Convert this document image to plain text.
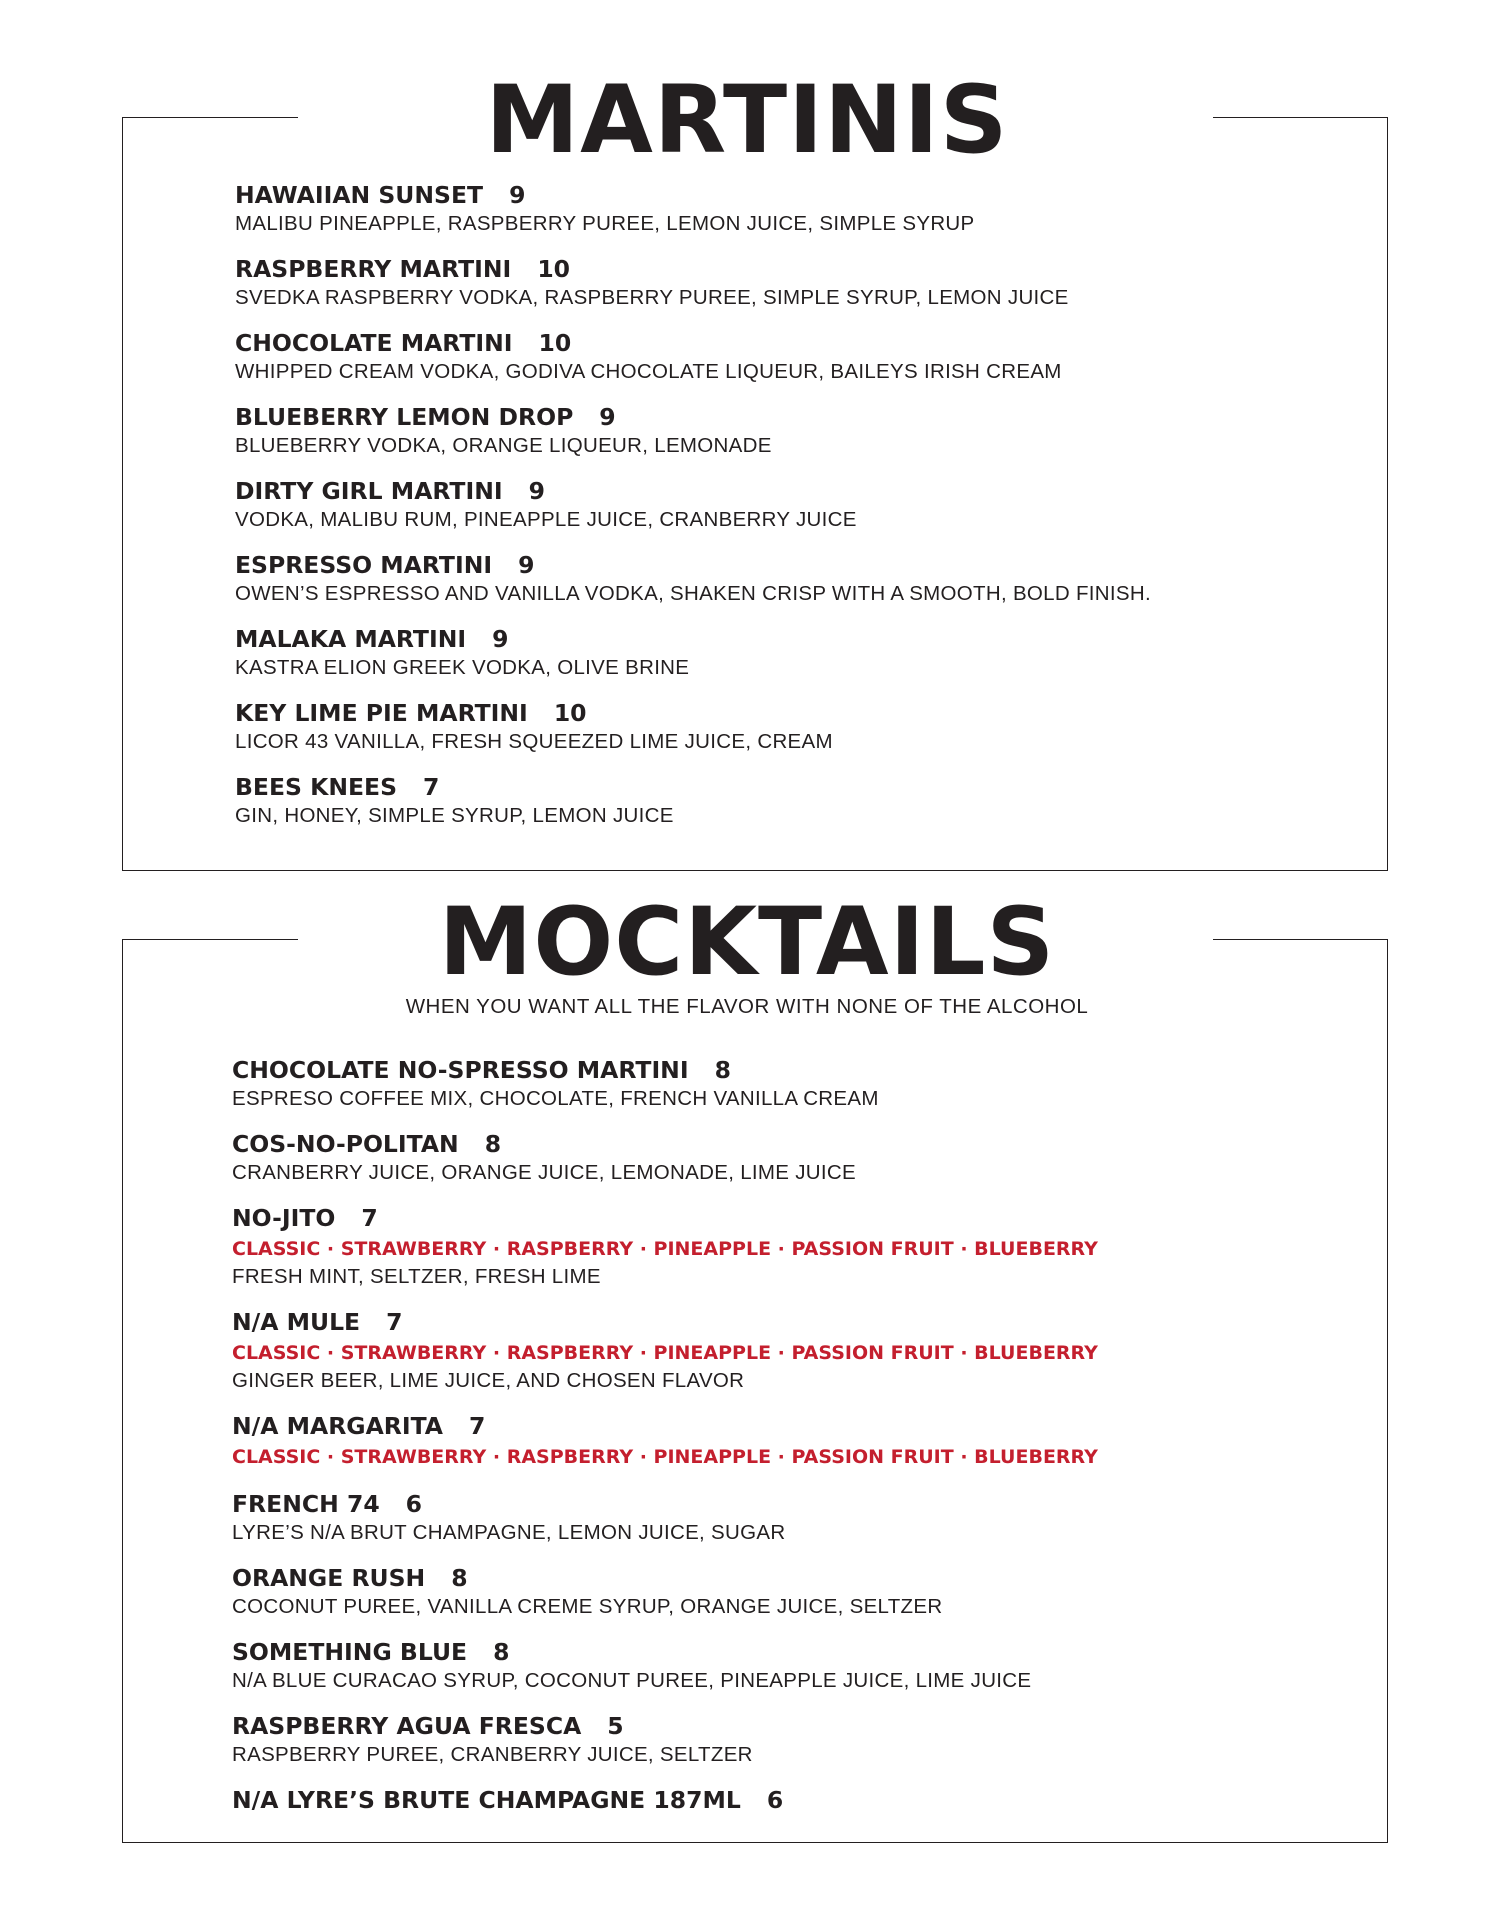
MARTINIS
HAWAIIAN SUNSET 9
MALIBU PINEAPPLE, RASPBERRY PUREE, LEMON JUICE, SIMPLE SYRUP
RASPBERRY MARTINI 10
SVEDKA RASPBERRY VODKA, RASPBERRY PUREE, SIMPLE SYRUP, LEMON JUICE
CHOCOLATE MARTINI 10
WHIPPED CREAM VODKA, GODIVA CHOCOLATE LIQUEUR, BAILEYS IRISH CREAM
BLUEBERRY LEMON DROP 9
BLUEBERRY VODKA, ORANGE LIQUEUR, LEMONADE
DIRTY GIRL MARTINI 9
VODKA, MALIBU RUM, PINEAPPLE JUICE, CRANBERRY JUICE
ESPRESSO MARTINI 9
OWEN’S ESPRESSO AND VANILLA VODKA, SHAKEN CRISP WITH A SMOOTH, BOLD FINISH.
MALAKA MARTINI 9
KASTRA ELION GREEK VODKA, OLIVE BRINE
KEY LIME PIE MARTINI 10
LICOR 43 VANILLA, FRESH SQUEEZED LIME JUICE, CREAM
BEES KNEES 7
GIN, HONEY, SIMPLE SYRUP, LEMON JUICE
MOCKTAILS
WHEN YOU WANT ALL THE FLAVOR WITH NONE OF THE ALCOHOL
CHOCOLATE NO-SPRESSO MARTINI 8
ESPRESO COFFEE MIX, CHOCOLATE, FRENCH VANILLA CREAM
COS-NO-POLITAN 8
CRANBERRY JUICE, ORANGE JUICE, LEMONADE, LIME JUICE
NO-JITO 7
CLASSIC · STRAWBERRY · RASPBERRY · PINEAPPLE · PASSION FRUIT · BLUEBERRY
FRESH MINT, SELTZER, FRESH LIME
N/A MULE 7
CLASSIC · STRAWBERRY · RASPBERRY · PINEAPPLE · PASSION FRUIT · BLUEBERRY
GINGER BEER, LIME JUICE, AND CHOSEN FLAVOR
N/A MARGARITA 7
CLASSIC · STRAWBERRY · RASPBERRY · PINEAPPLE · PASSION FRUIT · BLUEBERRY
FRENCH 74 6
LYRE’S N/A BRUT CHAMPAGNE, LEMON JUICE, SUGAR
ORANGE RUSH 8
COCONUT PUREE, VANILLA CREME SYRUP, ORANGE JUICE, SELTZER
SOMETHING BLUE 8
N/A BLUE CURACAO SYRUP, COCONUT PUREE, PINEAPPLE JUICE, LIME JUICE
RASPBERRY AGUA FRESCA 5
RASPBERRY PUREE, CRANBERRY JUICE, SELTZER
N/A LYRE’S BRUTE CHAMPAGNE 187ML 6
